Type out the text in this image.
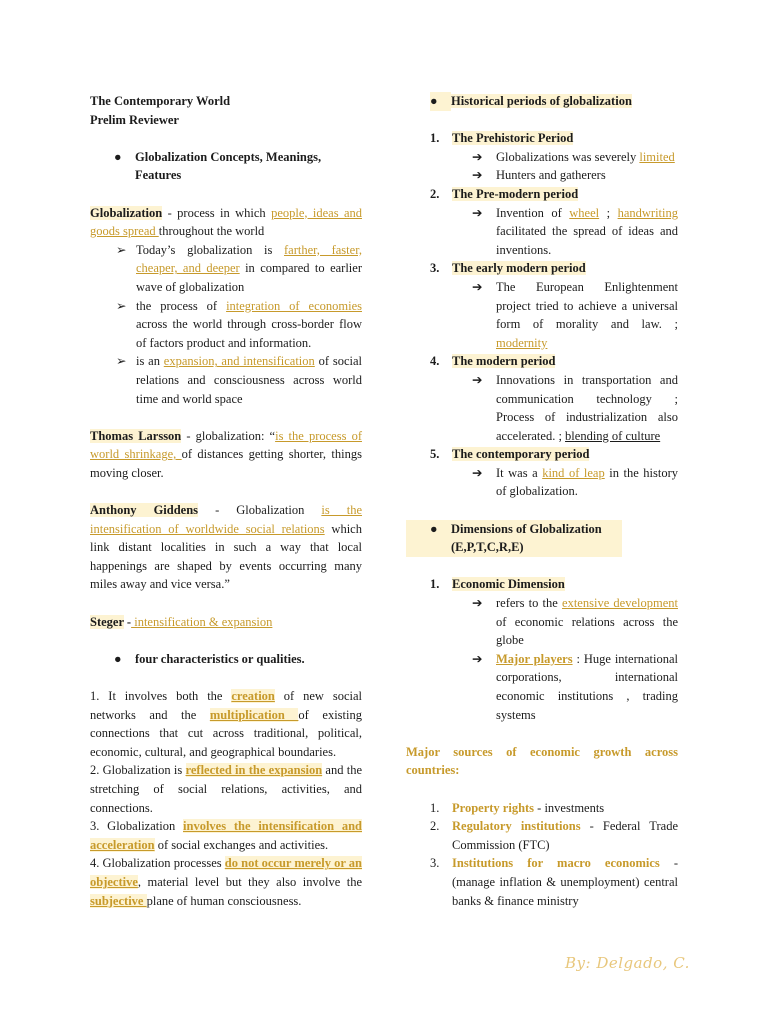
The Contemporary World
Prelim Reviewer
●	Globalization Concepts, Meanings,
Features
Globalization - process in which people, ideas and goods spread throughout the world
➢ Today’s globalization is farther, faster, cheaper, and deeper in compared to earlier wave of globalization
➢ the process of integration of economies across the world through cross-border flow of factors product and information.
➢ is an expansion, and intensification of social relations and consciousness across world time and world space
Thomas Larsson - globalization: “is the process of world shrinkage, of distances getting shorter, things moving closer.
Anthony Giddens - Globalization is the intensification of worldwide social relations which link distant localities in such a way that local happenings are shaped by events occurring many miles away and vice versa.”
Steger - intensification & expansion
●	four characteristics or qualities.
1. It involves both the creation of new social networks and the multiplication of existing connections that cut across traditional, political, economic, cultural, and geographical boundaries.
2. Globalization is reflected in the expansion and the stretching of social relations, activities, and connections.
3. Globalization involves the intensification and acceleration of social exchanges and activities.
4. Globalization processes do not occur merely or an objective, material level but they also involve the subjective plane of human consciousness.
●	Historical periods of globalization
1.	The Prehistoric Period
➔	Globalizations was severely limited
➔	Hunters and gatherers
2.	The Pre-modern period
➔	Invention of wheel ; handwriting facilitated the spread of ideas and inventions.
3.	The early modern period
➔	The European Enlightenment project tried to achieve a universal form of morality and law. ; modernity
4.	The modern period
➔	Innovations in transportation and communication technology ; Process of industrialization also accelerated. ; blending of culture
5.	The contemporary period
➔	It was a kind of leap in the history of globalization.
●	Dimensions of Globalization
(E,P,T,C,R,E)
1.	Economic Dimension
➔	refers to the extensive development of economic relations across the globe
➔	Major players : Huge international corporations, international economic institutions , trading systems
Major sources of economic growth across countries:
1.	Property rights - investments
2.	Regulatory institutions - Federal Trade Commission (FTC)
3.	Institutions for macro economics - (manage inflation & unemployment) central banks & finance ministry
By: Delgado, C.
